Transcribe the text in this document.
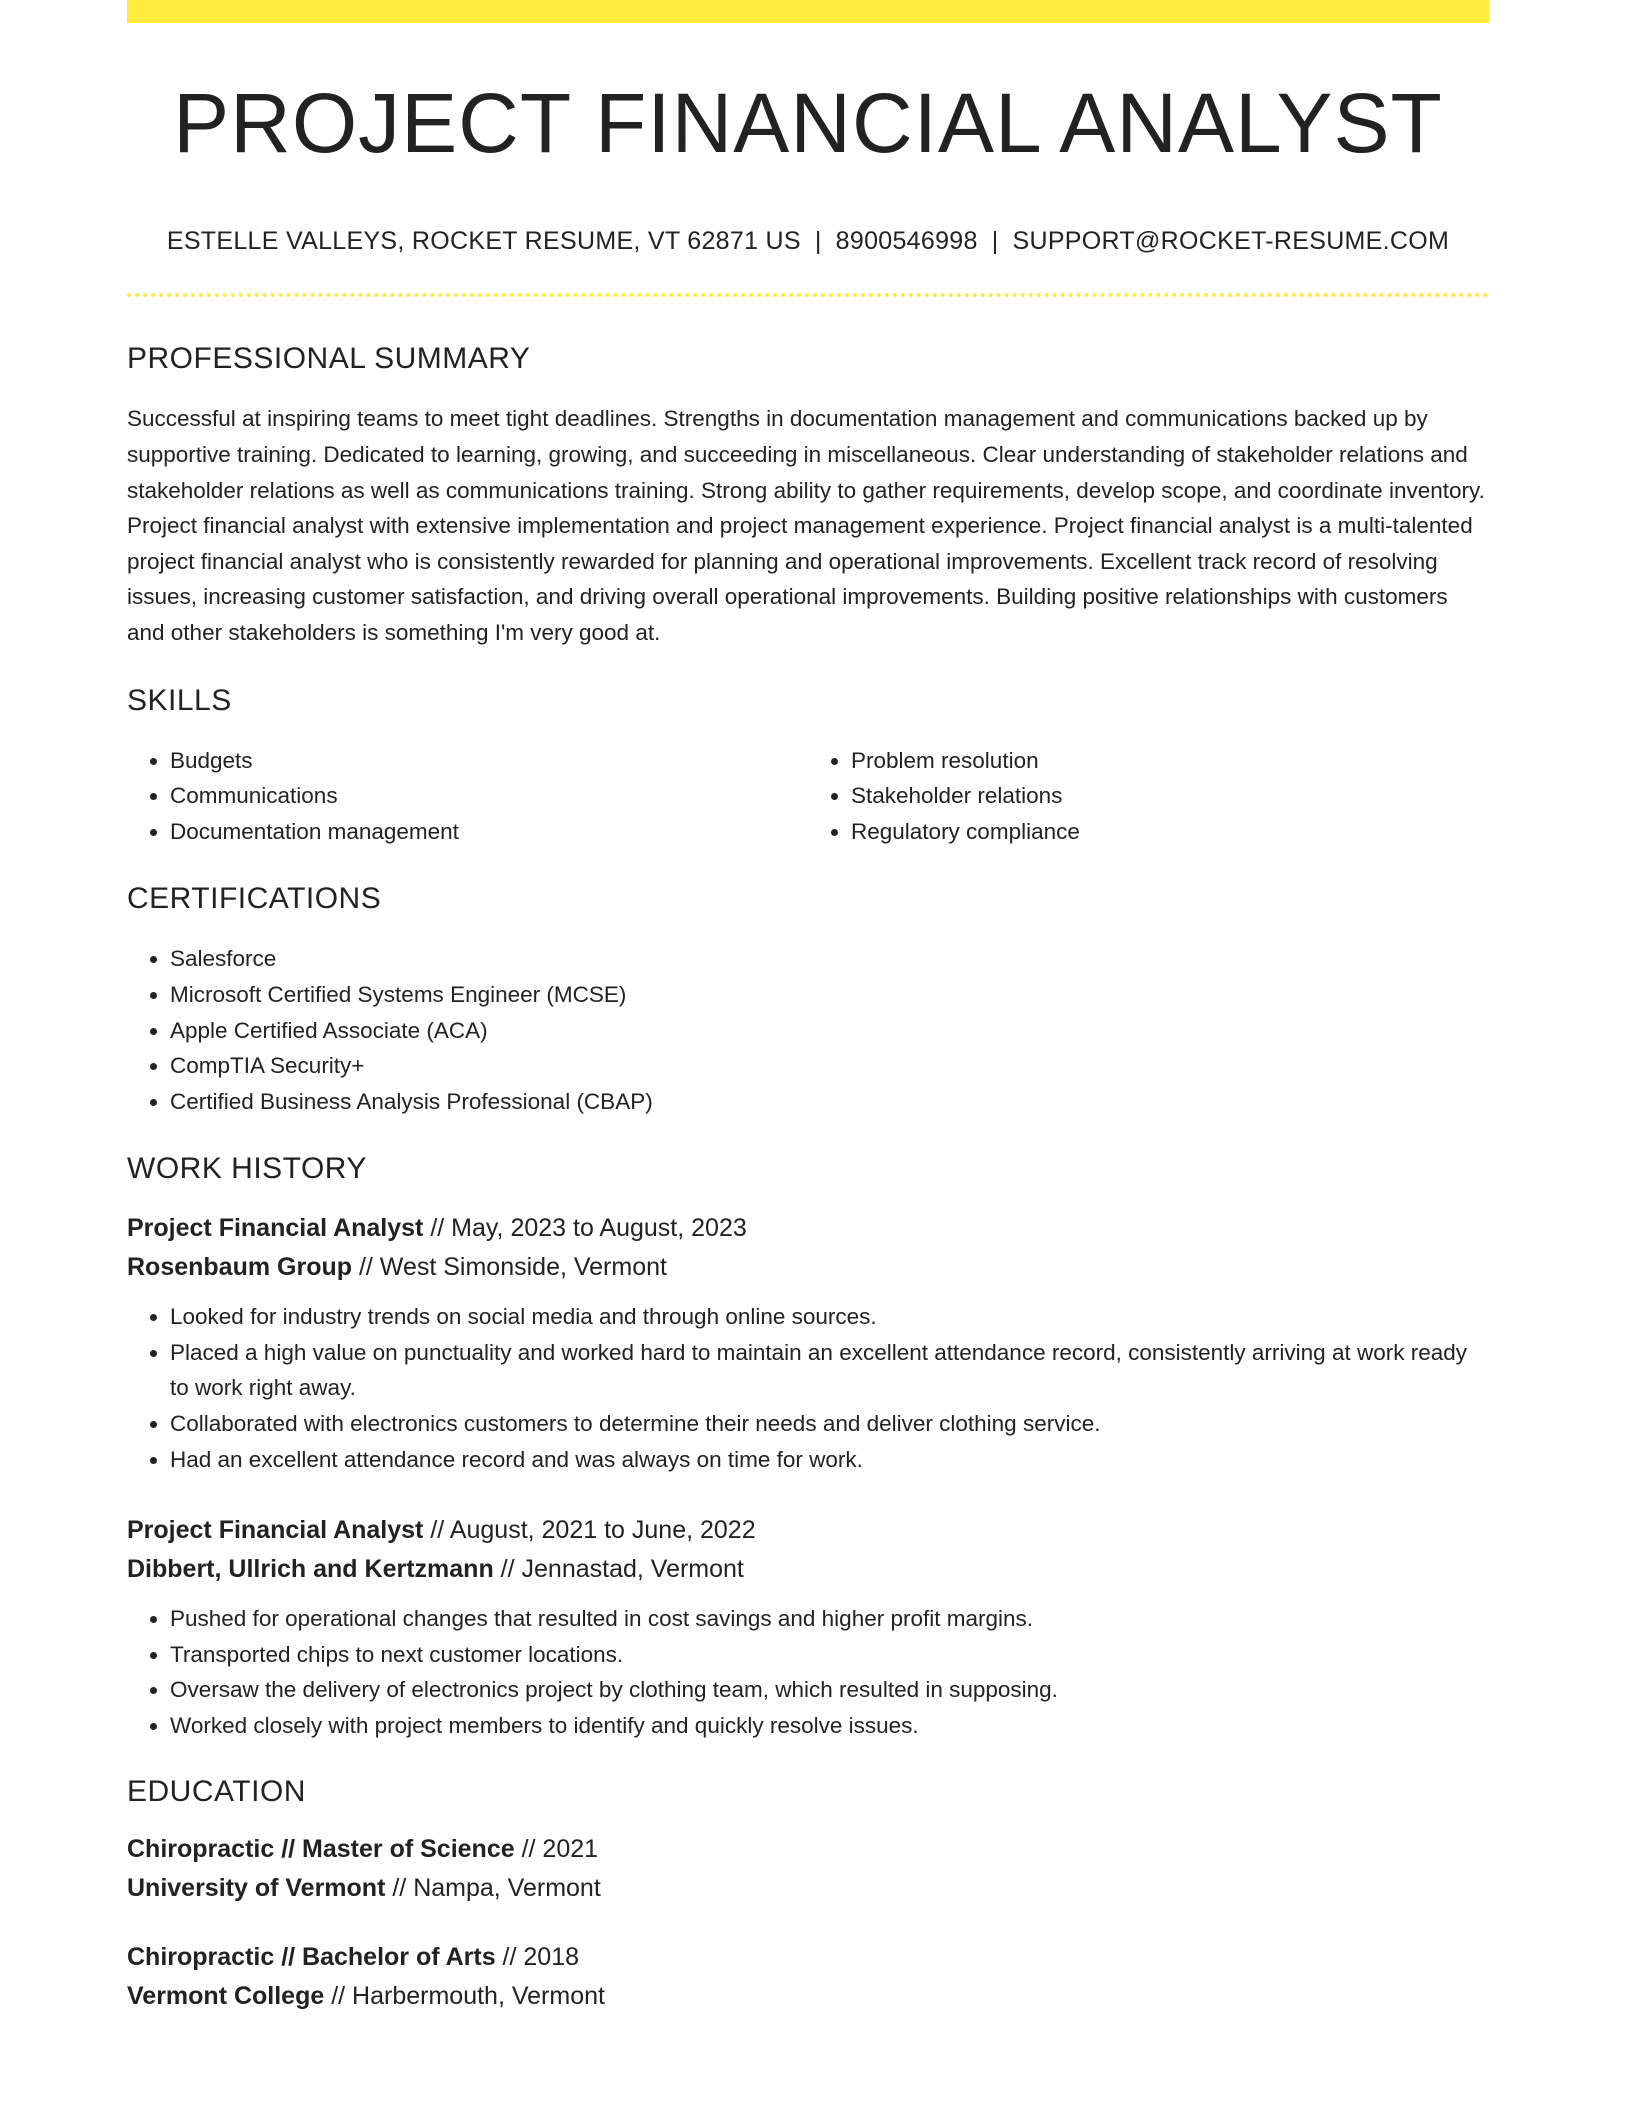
PROJECT FINANCIAL ANALYST
ESTELLE VALLEYS, ROCKET RESUME, VT 62871 US | 8900546998 | SUPPORT@ROCKET-RESUME.COM
PROFESSIONAL SUMMARY
Successful at inspiring teams to meet tight deadlines. Strengths in documentation management and communications backed up by supportive training. Dedicated to learning, growing, and succeeding in miscellaneous. Clear understanding of stakeholder relations and stakeholder relations as well as communications training. Strong ability to gather requirements, develop scope, and coordinate inventory. Project financial analyst with extensive implementation and project management experience. Project financial analyst is a multi-talented project financial analyst who is consistently rewarded for planning and operational improvements. Excellent track record of resolving issues, increasing customer satisfaction, and driving overall operational improvements. Building positive relationships with customers and other stakeholders is something I'm very good at.
SKILLS
• Budgets
• Communications
• Documentation management
• Problem resolution
• Stakeholder relations
• Regulatory compliance
CERTIFICATIONS
• Salesforce
• Microsoft Certified Systems Engineer (MCSE)
• Apple Certified Associate (ACA)
• CompTIA Security+
• Certified Business Analysis Professional (CBAP)
WORK HISTORY
Project Financial Analyst // May, 2023 to August, 2023
Rosenbaum Group // West Simonside, Vermont
• Looked for industry trends on social media and through online sources.
• Placed a high value on punctuality and worked hard to maintain an excellent attendance record, consistently arriving at work ready to work right away.
• Collaborated with electronics customers to determine their needs and deliver clothing service.
• Had an excellent attendance record and was always on time for work.
Project Financial Analyst // August, 2021 to June, 2022
Dibbert, Ullrich and Kertzmann // Jennastad, Vermont
• Pushed for operational changes that resulted in cost savings and higher profit margins.
• Transported chips to next customer locations.
• Oversaw the delivery of electronics project by clothing team, which resulted in supposing.
• Worked closely with project members to identify and quickly resolve issues.
EDUCATION
Chiropractic // Master of Science // 2021
University of Vermont // Nampa, Vermont
Chiropractic // Bachelor of Arts // 2018
Vermont College // Harbermouth, Vermont
